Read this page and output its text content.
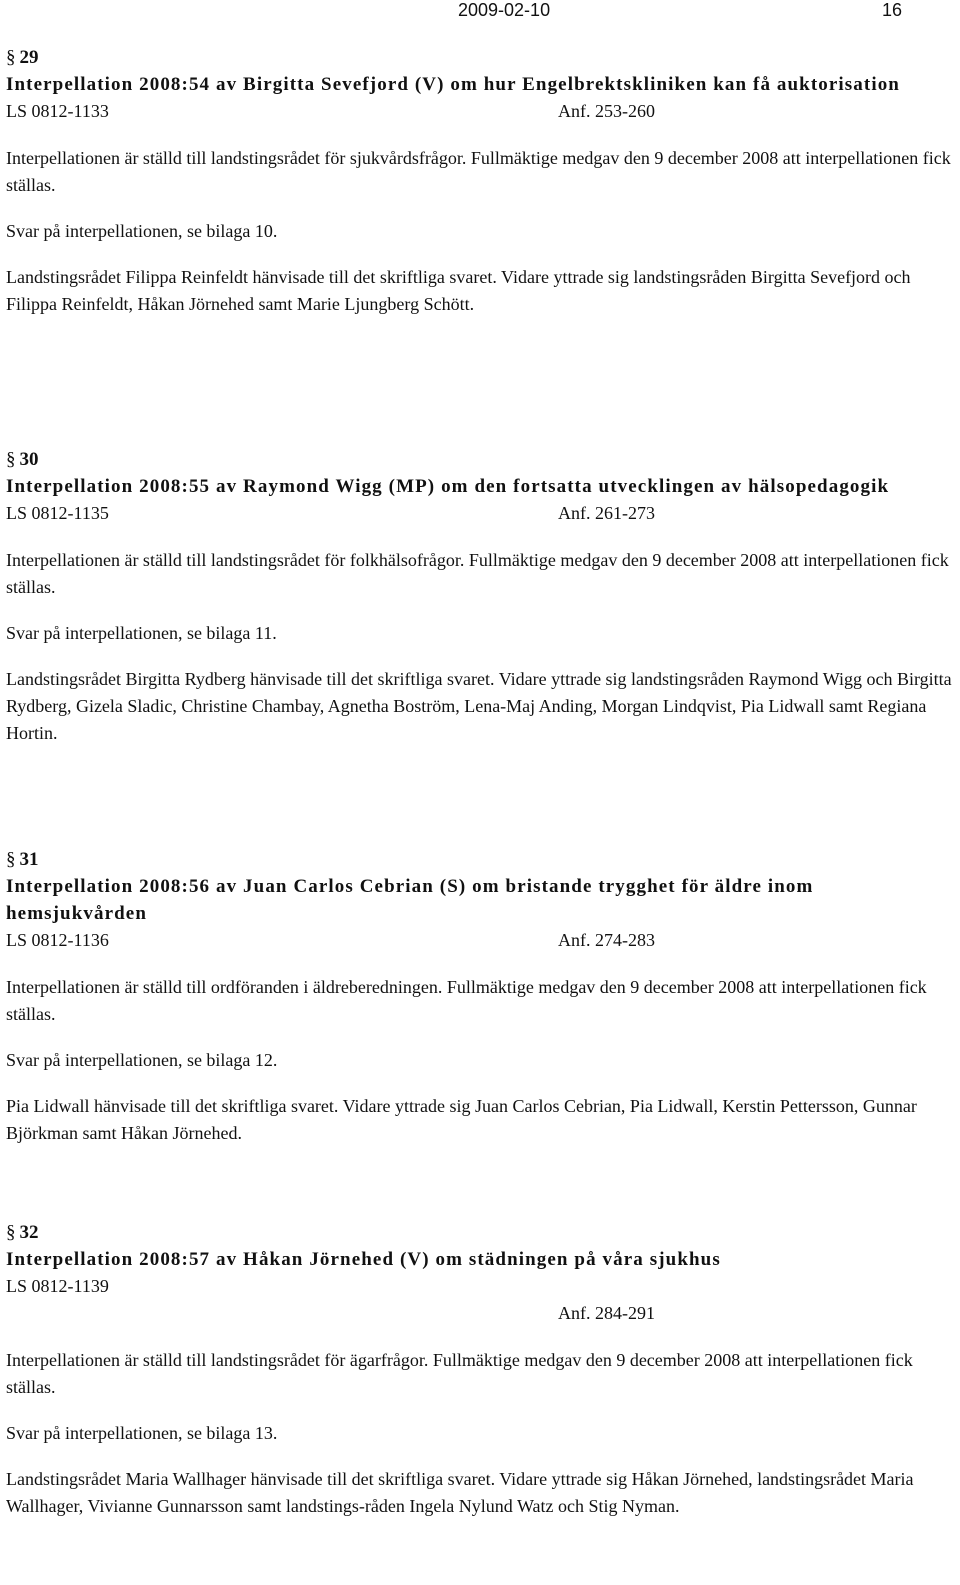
2009-02-10	16
§ 29
Interpellation 2008:54 av Birgitta Sevefjord (V) om hur Engelbrektskliniken kan få auktorisation
LS 0812-1133	Anf. 253-260
Interpellationen är ställd till landstingsrådet för sjukvårdsfrågor. Fullmäktige medgav den 9 december 2008 att interpellationen fick ställas.
Svar på interpellationen, se bilaga 10.
Landstingsrådet Filippa Reinfeldt hänvisade till det skriftliga svaret. Vidare yttrade sig landstingsråden Birgitta Sevefjord och Filippa Reinfeldt, Håkan Jörnehed samt Marie Ljungberg Schött.
§ 30
Interpellation 2008:55 av Raymond Wigg (MP) om den fortsatta utvecklingen av hälsopedagogik
LS 0812-1135	Anf. 261-273
Interpellationen är ställd till landstingsrådet för folkhälsofrågor. Fullmäktige medgav den 9 december 2008 att interpellationen fick ställas.
Svar på interpellationen, se bilaga 11.
Landstingsrådet Birgitta Rydberg hänvisade till det skriftliga svaret. Vidare yttrade sig landstingsråden Raymond Wigg och Birgitta Rydberg, Gizela Sladic, Christine Chambay, Agnetha Boström, Lena-Maj Anding, Morgan Lindqvist, Pia Lidwall samt Regiana Hortin.
§ 31
Interpellation 2008:56 av Juan Carlos Cebrian (S) om bristande trygghet för äldre inom hemsjukvården
LS 0812-1136	Anf. 274-283
Interpellationen är ställd till ordföranden i äldreberedningen. Fullmäktige medgav den 9 december 2008 att interpellationen fick ställas.
Svar på interpellationen, se bilaga 12.
Pia Lidwall hänvisade till det skriftliga svaret. Vidare yttrade sig Juan Carlos Cebrian, Pia Lidwall, Kerstin Pettersson, Gunnar Björkman samt Håkan Jörnehed.
§ 32
Interpellation 2008:57 av Håkan Jörnehed (V) om städningen på våra sjukhus
LS 0812-1139
Anf. 284-291
Interpellationen är ställd till landstingsrådet för ägarfrågor. Fullmäktige medgav den 9 december 2008 att interpellationen fick ställas.
Svar på interpellationen, se bilaga 13.
Landstingsrådet Maria Wallhager hänvisade till det skriftliga svaret. Vidare yttrade sig Håkan Jörnehed, landstingsrådet Maria Wallhager, Vivianne Gunnarsson samt landstings-råden Ingela Nylund Watz och Stig Nyman.
